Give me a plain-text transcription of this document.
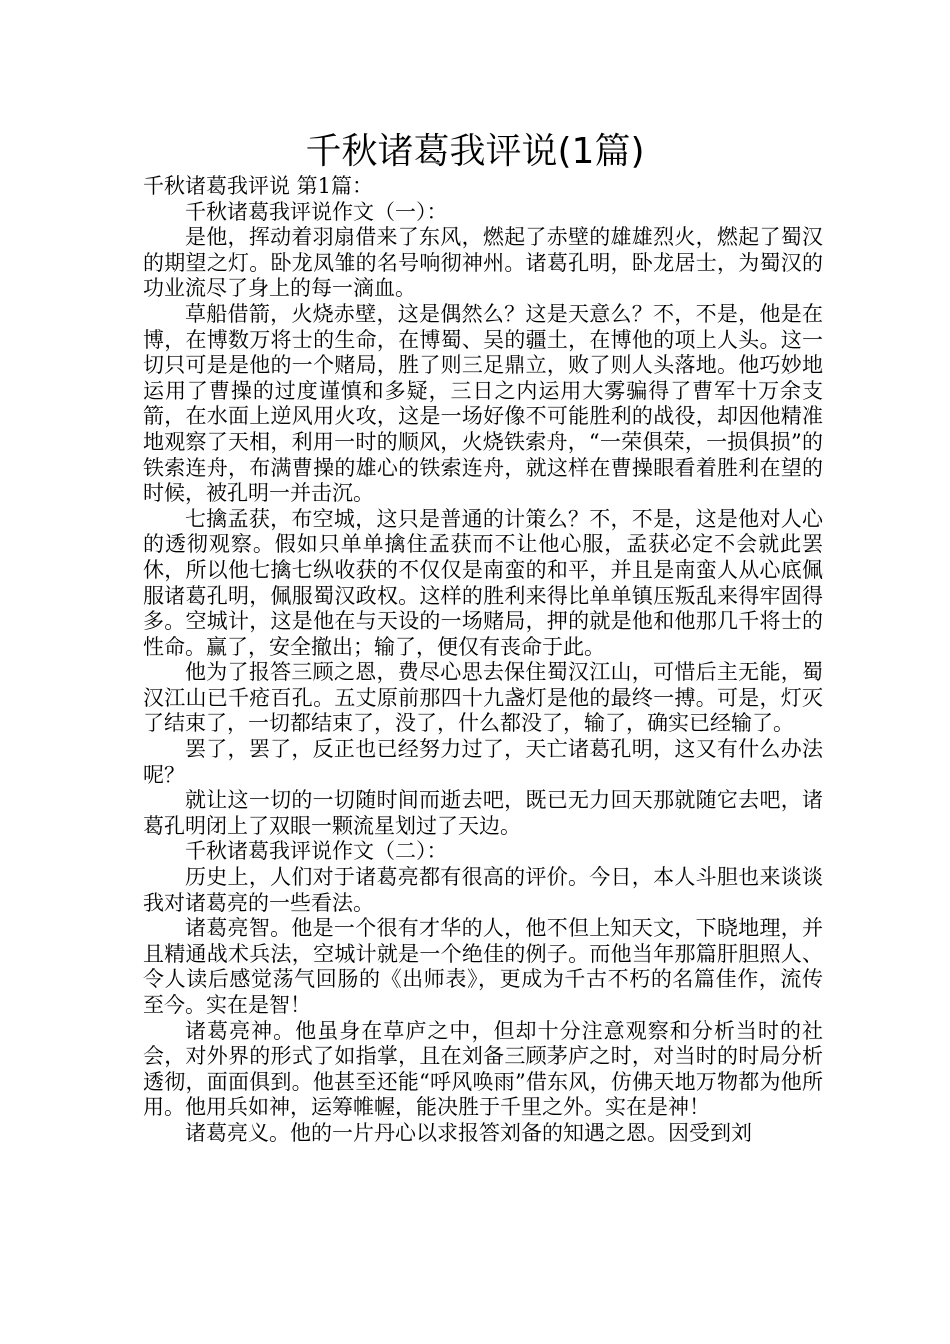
千秋诸葛我评说(1篇)

千秋诸葛我评说 第1篇：

千秋诸葛我评说作文（一）：

是他，挥动着羽扇借来了东风，燃起了赤壁的雄雄烈火，燃起了蜀汉的期望之灯。卧龙凤雏的名号响彻神州。诸葛孔明，卧龙居士，为蜀汉的功业流尽了身上的每一滴血。

草船借箭，火烧赤壁，这是偶然么？这是天意么？不，不是，他是在博，在博数万将士的生命，在博蜀、吴的疆土，在博他的项上人头。这一切只可是是他的一个赌局，胜了则三足鼎立，败了则人头落地。他巧妙地运用了曹操的过度谨慎和多疑，三日之内运用大雾骗得了曹军十万余支箭，在水面上逆风用火攻，这是一场好像不可能胜利的战役，却因他精准地观察了天相，利用一时的顺风，火烧铁索舟，“一荣俱荣，一损俱损”的铁索连舟，布满曹操的雄心的铁索连舟，就这样在曹操眼看着胜利在望的时候，被孔明一并击沉。

七擒孟获，布空城，这只是普通的计策么？不，不是，这是他对人心的透彻观察。假如只单单擒住孟获而不让他心服，孟获必定不会就此罢休，所以他七擒七纵收获的不仅仅是南蛮的和平，并且是南蛮人从心底佩服诸葛孔明，佩服蜀汉政权。这样的胜利来得比单单镇压叛乱来得牢固得多。空城计，这是他在与天设的一场赌局，押的就是他和他那几千将士的性命。赢了，安全撤出；输了，便仅有丧命于此。

他为了报答三顾之恩，费尽心思去保住蜀汉江山，可惜后主无能，蜀汉江山已千疮百孔。五丈原前那四十九盏灯是他的最终一搏。可是，灯灭了结束了，一切都结束了，没了，什么都没了，输了，确实已经输了。

罢了，罢了，反正也已经努力过了，天亡诸葛孔明，这又有什么办法呢？

就让这一切的一切随时间而逝去吧，既已无力回天那就随它去吧，诸葛孔明闭上了双眼一颗流星划过了天边。

千秋诸葛我评说作文（二）：

历史上，人们对于诸葛亮都有很高的评价。今日，本人斗胆也来谈谈我对诸葛亮的一些看法。

诸葛亮智。他是一个很有才华的人，他不但上知天文，下晓地理，并且精通战术兵法，空城计就是一个绝佳的例子。而他当年那篇肝胆照人、令人读后感觉荡气回肠的《出师表》，更成为千古不朽的名篇佳作，流传至今。实在是智！

诸葛亮神。他虽身在草庐之中，但却十分注意观察和分析当时的社会，对外界的形式了如指掌，且在刘备三顾茅庐之时，对当时的时局分析透彻，面面俱到。他甚至还能“呼风唤雨”借东风，仿佛天地万物都为他所用。他用兵如神，运筹帷幄，能决胜于千里之外。实在是神！

诸葛亮义。他的一片丹心以求报答刘备的知遇之恩。因受到刘
